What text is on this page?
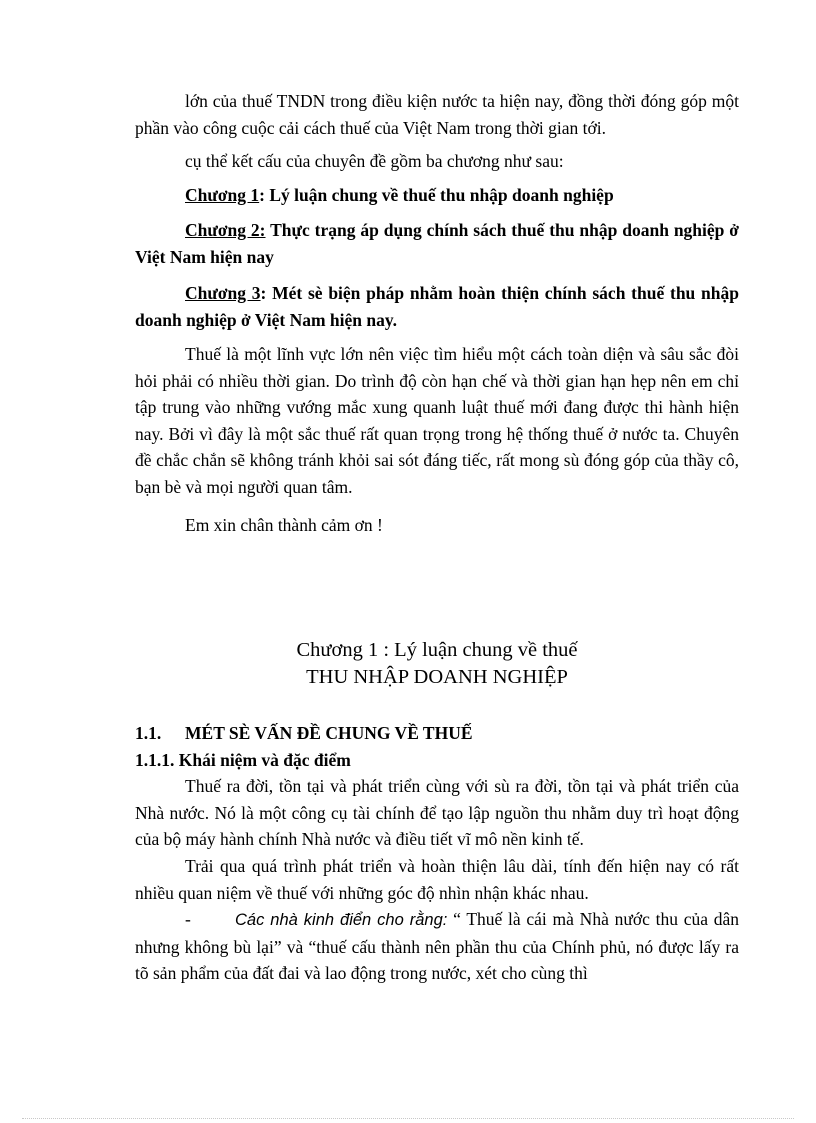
lớn của thuế TNDN trong điều kiện nước ta hiện nay, đồng thời đóng góp một phần vào công cuộc cải cách thuế của Việt Nam trong thời gian tới.

cụ thể kết cấu của chuyên đề gồm ba chương như sau:

Chương 1: Lý luận chung về thuế thu nhập doanh nghiệp

Chương 2: Thực trạng áp dụng chính sách thuế thu nhập doanh nghiệp ở Việt Nam hiện nay

Chương 3: Mét sè biện pháp nhằm hoàn thiện chính sách thuế thu nhập doanh nghiệp ở Việt Nam hiện nay.

Thuế là một lĩnh vực lớn nên việc tìm hiểu một cách toàn diện và sâu sắc đòi hỏi phải có nhiều thời gian. Do trình độ còn hạn chế và thời gian hạn hẹp nên em chỉ tập trung vào những vướng mắc xung quanh luật thuế mới đang được thi hành hiện nay. Bởi vì đây là một sắc thuế rất quan trọng trong hệ thống thuế ở nước ta. Chuyên đề chắc chắn sẽ không tránh khỏi sai sót đáng tiếc, rất mong sù đóng góp của thầy cô, bạn bè và mọi người quan tâm.

Em xin chân thành cảm ơn !

Chương 1 : Lý luận chung về thuế
THU NHẬP DOANH NGHIỆP
1.1. MÉT SÈ VẤN ĐỀ CHUNG VỀ THUẾ
1.1.1. Khái niệm và đặc điểm

Thuế ra đời, tồn tại và phát triển cùng với sù ra đời, tồn tại và phát triển của Nhà nước. Nó là một công cụ tài chính để tạo lập nguồn thu nhằm duy trì hoạt động của bộ máy hành chính Nhà nước và điều tiết vĩ mô nền kinh tế.

Trải qua quá trình phát triển và hoàn thiện lâu dài, tính đến hiện nay có rất nhiều quan niệm về thuế với những góc độ nhìn nhận khác nhau.

-	Các nhà kinh điển cho rằng: “ Thuế là cái mà Nhà nước thu của dân nhưng không bù lại” và “thuế cấu thành nên phần thu của Chính phủ, nó được lấy ra tõ sản phẩm của đất đai và lao động trong nước, xét cho cùng thì
